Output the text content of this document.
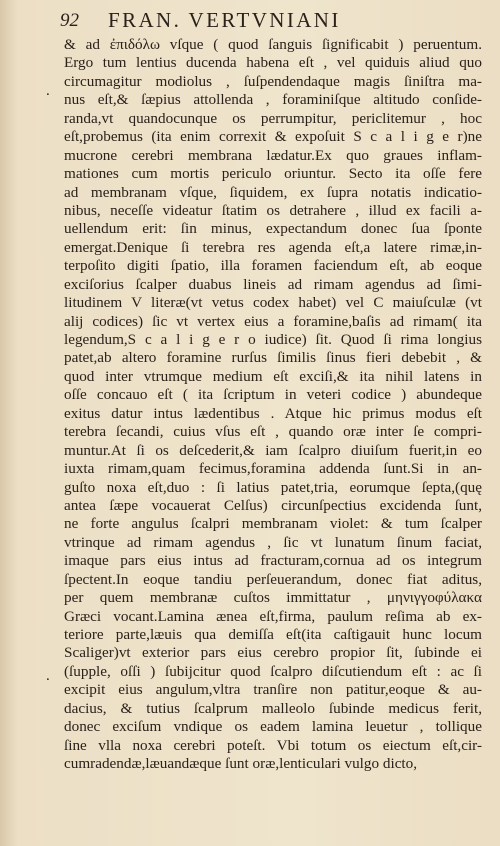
92 FRAN. VERTVNIANI
.
.
& ad ἐπιδόλω vſque ( quod ſanguis ſignificabit ) peruentum.
Ergo tum lentius ducenda habena eſt , vel quiduis aliud quo
circumagitur modiolus , ſuſpendendaque magis ſiniſtra ma-
nus eſt,& ſæpius attollenda , foraminiſque altitudo conſide-
randa,vt quandocunque os perrumpitur, periclitemur , hoc
eſt,probemus (ita enim correxit & expoſuit S c a l i g e r)ne
mucrone cerebri membrana lædatur.Ex quo graues inflam-
mationes cum mortis periculo oriuntur. Secto ita oſſe fere
ad membranam vſque, ſiquidem, ex ſupra notatis indicatio-
nibus, neceſſe videatur ſtatim os detrahere , illud ex facili a-
uellendum erit: ſin minus, expectandum donec ſua ſponte
emergat.Denique ſi terebra res agenda eſt,a latere rimæ,in-
terpoſito digiti ſpatio, illa foramen faciendum eſt, ab eoque
exciſorius ſcalper duabus lineis ad rimam agendus ad ſimi-
litudinem V literæ(vt vetus codex habet) vel C maiuſculæ (vt
alij codices) ſic vt vertex eius a foramine,baſis ad rimam( ita
legendum,S c a l i g e r o iudice) ſit. Quod ſi rima longius
patet,ab altero foramine rurſus ſimilis ſinus fieri debebit , &
quod inter vtrumque medium eſt exciſi,& ita nihil latens in
oſſe concauo eſt ( ita ſcriptum in veteri codice ) abundeque
exitus datur intus lædentibus . Atque hic primus modus eſt
terebra ſecandi, cuius vſus eſt , quando oræ inter ſe compri-
muntur.At ſi os deſcederit,& iam ſcalpro diuiſum fuerit,in eo
iuxta rimam,quam fecimus,foramina addenda ſunt.Si in an-
guſto noxa eſt,duo : ſi latius patet,tria, eorumque ſepta,(quę
antea ſæpe vocauerat Celſus) circunſpectius excidenda ſunt,
ne forte angulus ſcalpri membranam violet: & tum ſcalper
vtrinque ad rimam agendus , ſic vt lunatum ſinum faciat,
imaque pars eius intus ad fracturam,cornua ad os integrum
ſpectent.In eoque tandiu perſeuerandum, donec fiat aditus,
per quem membranæ cuſtos immittatur , μηνιγγοφύλακα
Græci vocant.Lamina ænea eſt,firma, paulum reſima ab ex-
teriore parte,læuis qua demiſſa eſt(ita caſtigauit hunc locum
Scaliger)vt exterior pars eius cerebro propior ſit, ſubinde ei
(ſupple, oſſi ) ſubijcitur quod ſcalpro diſcutiendum eſt : ac ſi
excipit eius angulum,vltra tranſire non patitur,eoque & au-
dacius, & tutius ſcalprum malleolo ſubinde medicus ferit,
donec exciſum vndique os eadem lamina leuetur , tollique
ſine vlla noxa cerebri poteſt. Vbi totum os eiectum eſt,cir-
cumradendæ,læuandæque ſunt oræ,lenticulari vulgo dicto,
